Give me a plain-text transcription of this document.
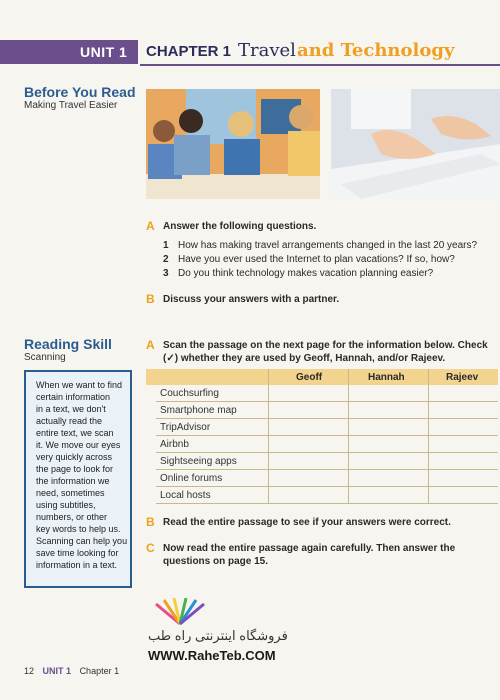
UNIT 1 CHAPTER 1 Travel and Technology
Before You Read
Making Travel Easier
A Answer the following questions.
1 How has making travel arrangements changed in the last 20 years?
2 Have you ever used the Internet to plan vacations? If so, how?
3 Do you think technology makes vacation planning easier?
B Discuss your answers with a partner.
Reading Skill
Scanning
When we want to find
certain information
in a text, we don't
actually read the
entire text, we scan
it. We move our eyes
very quickly across
the page to look for
the information we
need, sometimes
using subtitles,
numbers, or other
key words to help us.
Scanning can help you
save time looking for
information in a text.
A Scan the passage on the next page for the information below. Check
(✓) whether they are used by Geoff, Hannah, and/or Rajeev.
Geoff	Hannah	Rajeev
Couchsurfing
Smartphone map
TripAdvisor
Airbnb
Sightseeing apps
Online forums
Local hosts
B Read the entire passage to see if your answers were correct.
C Now read the entire passage again carefully. Then answer the
questions on page 15.
فروشگاه اینترنتی راه طب
WWW.RaheTeb.COM
12 UNIT 1 Chapter 1
